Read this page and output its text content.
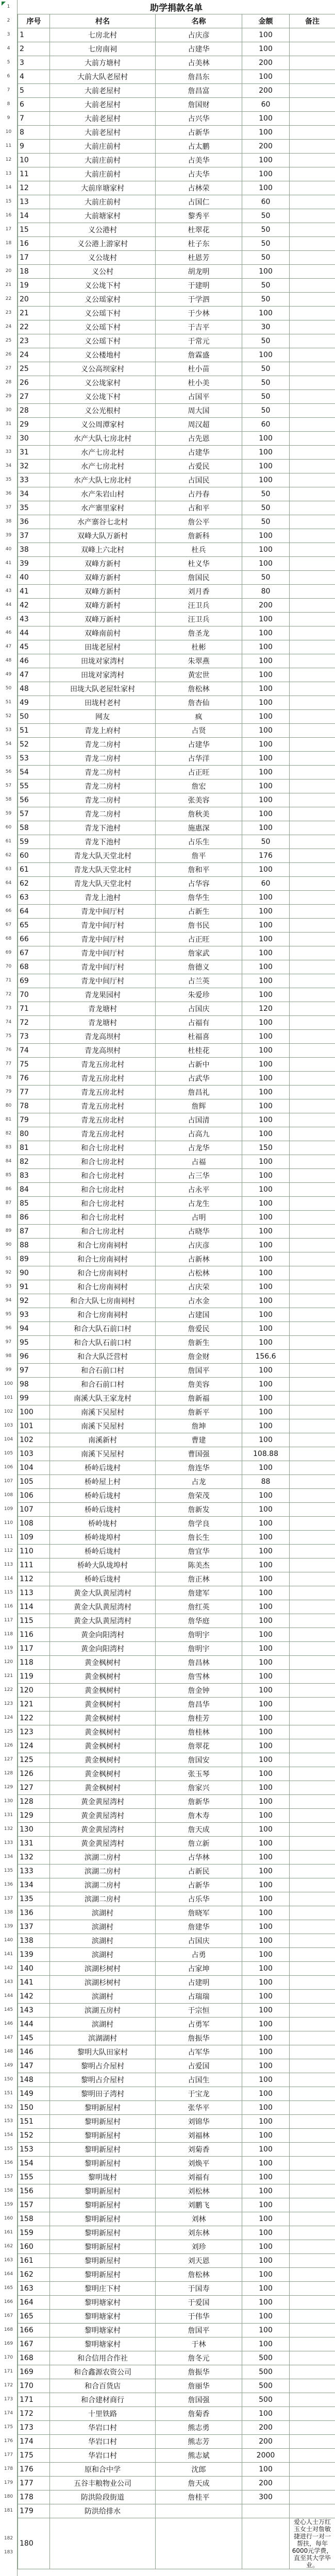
助学捐款名单
1
2
3
4
5
6
7
8
9
10
11
12
13
14
15
16
17
18
19
20
21
22
23
24
25
26
27
28
29
30
31
32
33
34
35
36
37
38
39
40
41
42
43
44
45
46
47
48
49
50
51
52
53
54
55
56
57
58
59
60
61
62
63
64
65
66
67
68
69
70
71
72
73
74
75
76
77
78
79
80
81
82
83
84
85
86
87
88
89
90
91
92
93
94
95
96
97
98
99
100
101
102
103
104
105
106
107
108
109
110
111
112
113
114
115
116
117
118
119
120
121
122
123
124
125
126
127
128
129
130
131
132
133
134
135
136
137
138
139
140
141
142
143
144
145
146
147
148
149
150
151
152
153
154
155
156
157
158
159
160
161
162
163
164
165
166
167
168
169
170
171
172
173
174
175
176
177
178
179
180
181
182
183
序号	村名	名称	金额	备注
1	七房北村	占庆彦	100	
2	七房南祠	占建华	100	
3	大前方塘村	占美林	200	
4	大前大队老屋村	詹昌东	100	
5	大前老屋村	詹昌富	200	
6	大前老屋村	詹国财	60	
7	大前老屋村	占兴华	100	
8	大前老屋村	占新华	100	
9	大前庄前村	占太鹏	200	
10	大前庄前村	占美华	100	
11	大前庄前村	占夫华	100	
12	大前庠塘家村	占林荣	100	
13	大前庄前村	占国仁	60	
14	大前塘家村	黎秀平	50	
15	义公港村	杜翠花	50	
16	义公港上游家村	杜子东	50	
17	义公垅村	杜恩芳	50	
18	义公村	胡龙明	100	
19	义公垅下村	于建明	50	
20	义公瑶家村	于学泗	50	
21	义公瑶下村	于少林	100	
22	义公瑶下村	于吉平	30	
23	义公瑶下村	于常元	50	
24	义公楼地村	詹霖盛	100	
25	义公高坝家村	杜小苗	50	
26	义公垅家村	杜小美	50	
27	义公垅下村	占国平	50	
28	义公光根村	周大国	50	
29	义公周潭家村	周汉超	60	
30	水产大队七房北村	占先恩	100	
31	水产七房北村	占建华	100	
32	水产七房北村	占爱民	100	
33	水产大队七房北村	占国民	100	
34	水产朱岩山村	占丹春	50	
35	水产寨里家村	占和平	50	
36	水产寨谷七北村	詹公平	50	
37	双峰大队万新村	詹新科	100	
38	双峰上六北村	杜兵	100	
39	双峰方新村	杜义华	100	
40	双峰方新村	詹国民	50	
41	双峰方新村	刘月香	80	
42	双峰方新村	汪卫兵	200	
43	双峰万新村	汪卫兵	100	
44	双峰南前村	詹圣龙	100	
45	田垅老屋村	杜彬	100	
46	田垅对家湾村	朱翠燕	100	
47	田垅对家湾村	黄宏世	100	
48	田垅大队老屋牡家村	詹松林	100	
49	田垅村老村	詹杏仙	100	
50	网友	疯	100	
51	青龙上府村	占贤	100	
52	青龙二房村	占建华	100	
53	青龙二房村	占华洋	100	
54	青龙二房村	占正旺	100	
55	青龙二房村	詹宏	100	
56	青龙二房村	张美容	100	
57	青龙二房村	詹秋美	100	
58	青龙下池村	施惠深	100	
59	青龙下池村	占乐生	50	
60	青龙大队天堂北村	詹平	176	
61	青龙大队天堂北村	詹和平	100	
62	青龙大队天堂北村	占华容	60	
63	青龙上池村	詹华生	100	
64	青龙中间厅村	占新生	100	
65	青龙中间厅村	詹书民	100	
66	青龙中间厅村	占正旺	100	
67	青龙中间厅村	詹家武	100	
68	青龙中间厅村	詹德义	100	
69	青龙中间厅村	占兰英	100	
70	青龙果园村	朱爱珍	100	
71	青龙塘村	占国庆	120	
72	青龙塘村	占福有	100	
73	青龙高坝村	杜福喜	100	
74	青龙高坝村	杜桂花	100	
75	青龙五房北村	占新中	100	
76	青龙五房北村	占武华	100	
77	青龙五房北村	詹昌礼	100	
78	青龙五房北村	詹辉	100	
79	青龙五房北村	占国清	100	
80	青龙五房北村	占高九	100	
81	和合七房北村	占龙华	150	
82	和合七房北村	占福	100	
83	和合七房北村	占三华	100	
84	和合七房北村	占永平	100	
85	和合七房北村	占龙生	100	
86	和合七房北村	占明	100	
87	和合七房北村	占晓华	100	
88	和合七房南祠村	占庆彦	100	
89	和合七房南祠村	占新林	100	
90	和合七房南祠村	占松林	100	
91	和合七房南祠村	占庆荣	100	
92	和合大队七房南祠村	占水金	100	
93	和合七房南祠村	占建国	100	
94	和合大队石前口村	詹爱民	100	
95	和合大队石前口村	詹新生	100	
96	和合大队泛营村	詹金财	156.6	
97	和合石前口村	詹国平	100	
98	和合石前口村	詹美容	100	
99	南溪大队王家龙村	詹新福	100	
100	南溪下吴屋村	詹新平	100	
101	南溪下吴屋村	詹坤	100	
102	南溪新村	曹建	100	
103	南溪下吴屋村	曹国强	108.88	
104	桥岭后垅村	詹连华	100	
105	桥岭屋上村	占龙	88	
106	桥岭后垅村	詹荣茂	100	
107	桥岭后垅村	詹新发	100	
108	桥岭垅村	詹学良	100	
109	桥岭垅埠村	詹长生	100	
110	桥岭后垅村	詹宜华	100	
111	桥岭大队垅埠村	陈美杰	100	
112	桥岭后垅村	詹正林	100	
113	黄金大队黄屋湾村	詹建军	100	
114	黄金大队黄屋湾村	詹红英	100	
115	黄金大队黄屋湾村	詹华庭	100	
116	黄金向阳湾村	詹明宇	100	
117	黄金向阳湾村	詹明宇	100	
118	黄金枫树村	詹昌林	100	
119	黄金枫树村	詹雪林	100	
120	黄金枫树村	詹金钟	100	
121	黄金枫树村	詹昌华	100	
122	黄金枫树村	詹桂芳	100	
123	黄金枫树村	詹桂林	100	
124	黄金枫树村	詹翠花	100	
125	黄金枫树村	詹国安	100	
126	黄金枫树村	张玉琴	100	
127	黄金枫树村	詹家兴	100	
128	黄金黄屋湾村	詹新华	100	
129	黄金黄屋湾村	詹木寿	100	
130	黄金黄屋湾村	詹天成	100	
131	黄金黄屋湾村	詹立新	100	
132	滨湖二房村	占华林	100	
133	滨湖二房村	占新民	100	
134	滨湖二房村	占新华	100	
135	滨湖二房村	占乐华	100	
136	滨湖村	詹晓军	100	
137	滨湖村	詹建华	100	
138	滨湖村	占国庆	100	
139	滨湖村	占勇	100	
140	滨湖杉树村	占家坤	100	
141	滨湖杉树村	占建明	100	
142	滨湖村	占瑞瑞	100	
143	滨湖五房村	于宗恒	100	
144	滨湖村	占勇军	100	
145	滨湖湖村	詹振华	100	
146	黎明大队田家村	占军华	100	
147	黎明占介屋村	占爱国	100	
148	黎明占介屋村	占国生	100	
149	黎明田子湾村	于宝龙	100	
150	黎明新屋村	张华平	100	
151	黎明新屋村	刘锦华	100	
152	黎明新屋村	刘福林	100	
153	黎明新屋村	刘菊香	100	
154	黎明新屋村	刘焕平	100	
155	黎明垅村	刘福有	100	
156	黎明新屋村	刘松林	100	
157	黎明新屋村	刘鹏飞	100	
158	黎明新屋村	刘林	100	
159	黎明新屋村	刘东林	100	
160	黎明新屋村	刘珍	100	
161	黎明新屋村	刘天恩	100	
162	黎明新屋村	詹松林	100	
163	黎明庄下村	于国寿	100	
164	黎明塘家村	于爱国	100	
165	黎明塘家村	于伟华	100	
166	黎明塘家村	詹国平	100	
167	黎明塘家村	于林	100	
168	和合信用合作社	詹冬元	500	
169	和合鑫源农资公司	詹振华	500	
170	和合百货店	詹丽华	500	
171	和合建材商行	詹国强	500	
172	十里铁路	詹菊香	100	
173	华岩口村	熊志勇	200	
174	华岩口村	熊志芳	200	
175	华岩口村	熊志斌	2000	
176	原和合中学	沈郎	100	
177	五谷丰粮物业公司	詹天成	200	
178	防洪险段街道	詹桂平	300	
179	防洪给排水			
180				爱心人士万红玉女士对詹敏捷进行一对一帮扶，每年6000元学费，直至其大学毕业。
